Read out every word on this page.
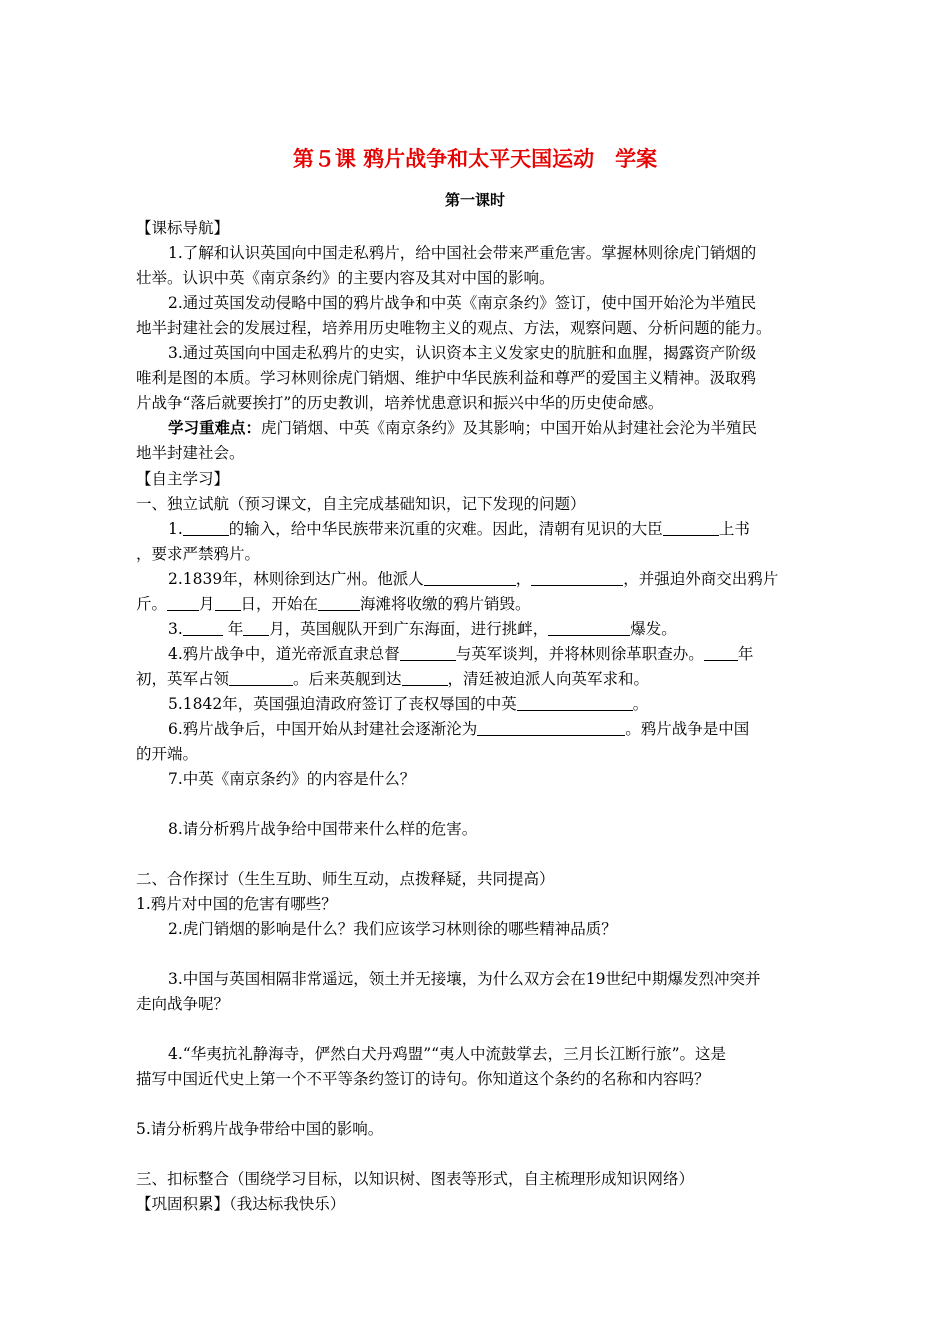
第５课 鸦片战争和太平天国运动　学案
第一课时
【课标导航】
1.了解和认识英国向中国走私鸦片，给中国社会带来严重危害。掌握林则徐虎门销烟的
壮举。认识中英《南京条约》的主要内容及其对中国的影响。
2.通过英国发动侵略中国的鸦片战争和中英《南京条约》签订，使中国开始沦为半殖民
地半封建社会的发展过程，培养用历史唯物主义的观点、方法，观察问题、分析问题的能力。
3.通过英国向中国走私鸦片的史实，认识资本主义发家史的肮脏和血腥，揭露资产阶级
唯利是图的本质。学习林则徐虎门销烟、维护中华民族利益和尊严的爱国主义精神。汲取鸦
片战争“落后就要挨打”的历史教训，培养忧患意识和振兴中华的历史使命感。
学习重难点：虎门销烟、中英《南京条约》及其影响；中国开始从封建社会沦为半殖民
地半封建社会。
【自主学习】
一、独立试航（预习课文，自主完成基础知识，记下发现的问题）
1.	的输入，给中华民族带来沉重的灾难。因此，清朝有见识的大臣	上书
，要求严禁鸦片。
2.1839年，林则徐到达广州。他派人	，	，并强迫外商交出鸦片
斤。 月 日，开始在	海滩将收缴的鸦片销毁。
3.	年 月，英国舰队开到广东海面，进行挑衅，	爆发。
4.鸦片战争中，道光帝派直隶总督	与英军谈判，并将林则徐革职查办。 年
初，英军占领	。后来英舰到达	，清廷被迫派人向英军求和。
5.1842年，英国强迫清政府签订了丧权辱国的中英	。
6.鸦片战争后，中国开始从封建社会逐渐沦为	。鸦片战争是中国
的开端。
7.中英《南京条约》的内容是什么？
8.请分析鸦片战争给中国带来什么样的危害。
二、合作探讨（生生互助、师生互动，点拨释疑，共同提高）
1.鸦片对中国的危害有哪些？
2.虎门销烟的影响是什么？我们应该学习林则徐的哪些精神品质？
3.中国与英国相隔非常遥远，领土并无接壤，为什么双方会在19世纪中期爆发烈冲突并
走向战争呢？
4.“华夷抗礼静海寺，俨然白犬丹鸡盟”“夷人中流鼓掌去，三月长江断行旅”。这是
描写中国近代史上第一个不平等条约签订的诗句。你知道这个条约的名称和内容吗？
5.请分析鸦片战争带给中国的影响。
三、扣标整合（围绕学习目标，以知识树、图表等形式，自主梳理形成知识网络）
【巩固积累】（我达标我快乐）
